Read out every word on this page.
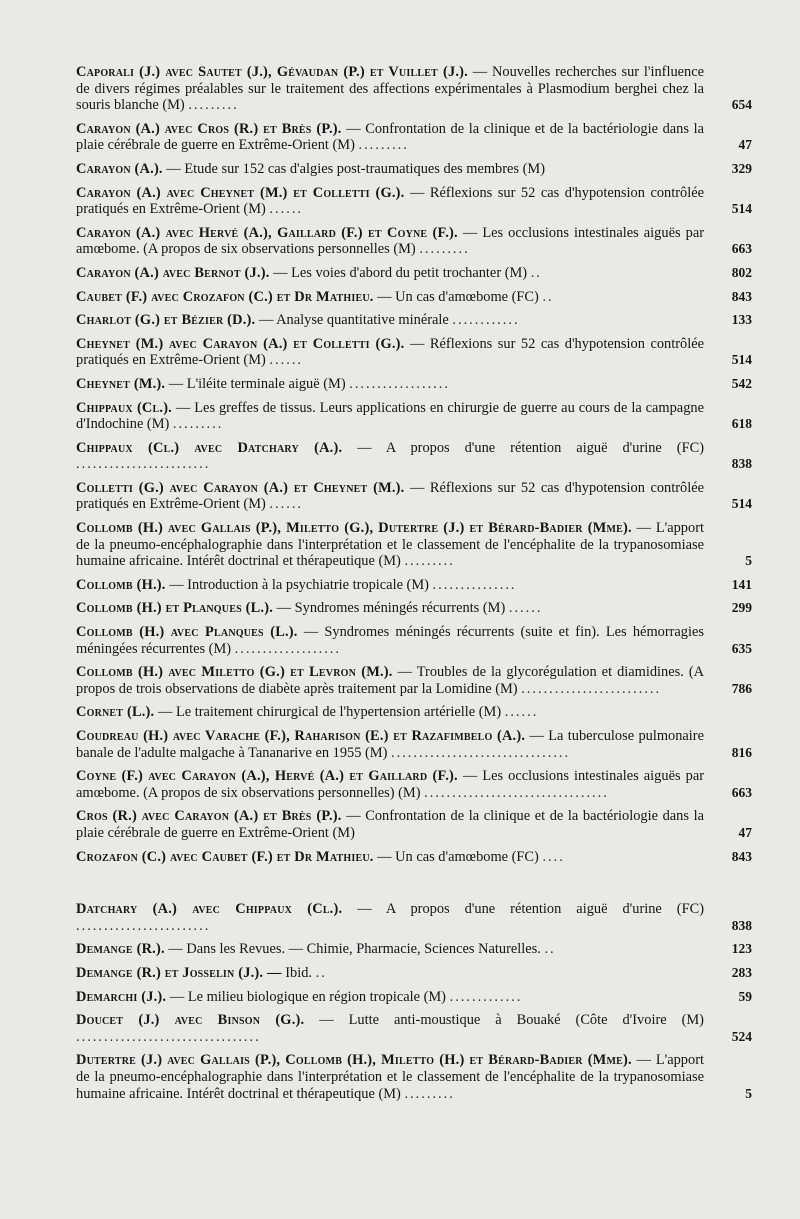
Caporali (J.) avec Sautet (J.), Gévaudan (P.) et Vuillet (J.). — Nouvelles recherches sur l'influence de divers régimes préalables sur le traitement des affections expérimentales à Plasmodium berghei chez la souris blanche (M) .........	654
Carayon (A.) avec Cros (R.) et Brès (P.). — Confrontation de la clinique et de la bactériologie dans la plaie cérébrale de guerre en Extrême-Orient (M) .........	47
Carayon (A.). — Etude sur 152 cas d'algies post-traumatiques des membres (M)	329
Carayon (A.) avec Cheynet (M.) et Colletti (G.). — Réflexions sur 52 cas d'hypotension contrôlée pratiqués en Extrême-Orient (M) ......	514
Carayon (A.) avec Hervé (A.), Gaillard (F.) et Coyne (F.). — Les occlusions intestinales aiguës par amœbome. (A propos de six observations personnelles (M) .........	663
Carayon (A.) avec Bernot (J.). — Les voies d'abord du petit trochanter (M) ..	802
Caubet (F.) avec Crozafon (C.) et Dr Mathieu. — Un cas d'amœbome (FC) ..	843
Charlot (G.) et Bézier (D.). — Analyse quantitative minérale ............	133
Cheynet (M.) avec Carayon (A.) et Colletti (G.). — Réflexions sur 52 cas d'hypotension contrôlée pratiqués en Extrême-Orient (M) ......	514
Cheynet (M.). — L'iléite terminale aiguë (M) ..................	542
Chippaux (Cl.). — Les greffes de tissus. Leurs applications en chirurgie de guerre au cours de la campagne d'Indochine (M) .........	618
Chippaux (Cl.) avec Datchary (A.). — A propos d'une rétention aiguë d'urine (FC) ........................	838
Colletti (G.) avec Carayon (A.) et Cheynet (M.). — Réflexions sur 52 cas d'hypotension contrôlée pratiqués en Extrême-Orient (M) ......	514
Collomb (H.) avec Gallais (P.), Miletto (G.), Dutertre (J.) et Bérard-Badier (Mme). — L'apport de la pneumo-encéphalographie dans l'interprétation et le classement de l'encéphalite de la trypanosomiase humaine africaine. Intérêt doctrinal et thérapeutique (M) .........	5
Collomb (H.). — Introduction à la psychiatrie tropicale (M) ...............	141
Collomb (H.) et Planques (L.). — Syndromes méningés récurrents (M) ......	299
Collomb (H.) avec Planques (L.). — Syndromes méningés récurrents (suite et fin). Les hémorragies méningées récurrentes (M) ...................	635
Collomb (H.) avec Miletto (G.) et Levron (M.). — Troubles de la glycorégulation et diamidines. (A propos de trois observations de diabète après traitement par la Lomidine (M) .........................	786
Cornet (L.). — Le traitement chirurgical de l'hypertension artérielle (M) ......
Coudreau (H.) avec Varache (F.), Raharison (E.) et Razafimbelo (A.). — La tuberculose pulmonaire banale de l'adulte malgache à Tananarive en 1955 (M) ................................	816
Coyne (F.) avec Carayon (A.), Hervé (A.) et Gaillard (F.). — Les occlusions intestinales aiguës par amœbome. (A propos de six observations personnelles) (M) .................................	663
Cros (R.) avec Carayon (A.) et Brès (P.). — Confrontation de la clinique et de la bactériologie dans la plaie cérébrale de guerre en Extrême-Orient (M)	47
Crozafon (C.) avec Caubet (F.) et Dr Mathieu. — Un cas d'amœbome (FC) ....	843
Datchary (A.) avec Chippaux (Cl.). — A propos d'une rétention aiguë d'urine (FC) ........................	838
Demange (R.). — Dans les Revues. — Chimie, Pharmacie, Sciences Naturelles. ..	123
Demange (R.) et Josselin (J.). — Ibid. ..	283
Demarchi (J.). — Le milieu biologique en région tropicale (M) .............	59
Doucet (J.) avec Binson (G.). — Lutte anti-moustique à Bouaké (Côte d'Ivoire (M) .................................	524
Dutertre (J.) avec Gallais (P.), Collomb (H.), Miletto (H.) et Bérard-Badier (Mme). — L'apport de la pneumo-encéphalographie dans l'interprétation et le classement de l'encéphalite de la trypanosomiase humaine africaine. Intérêt doctrinal et thérapeutique (M) .........	5
